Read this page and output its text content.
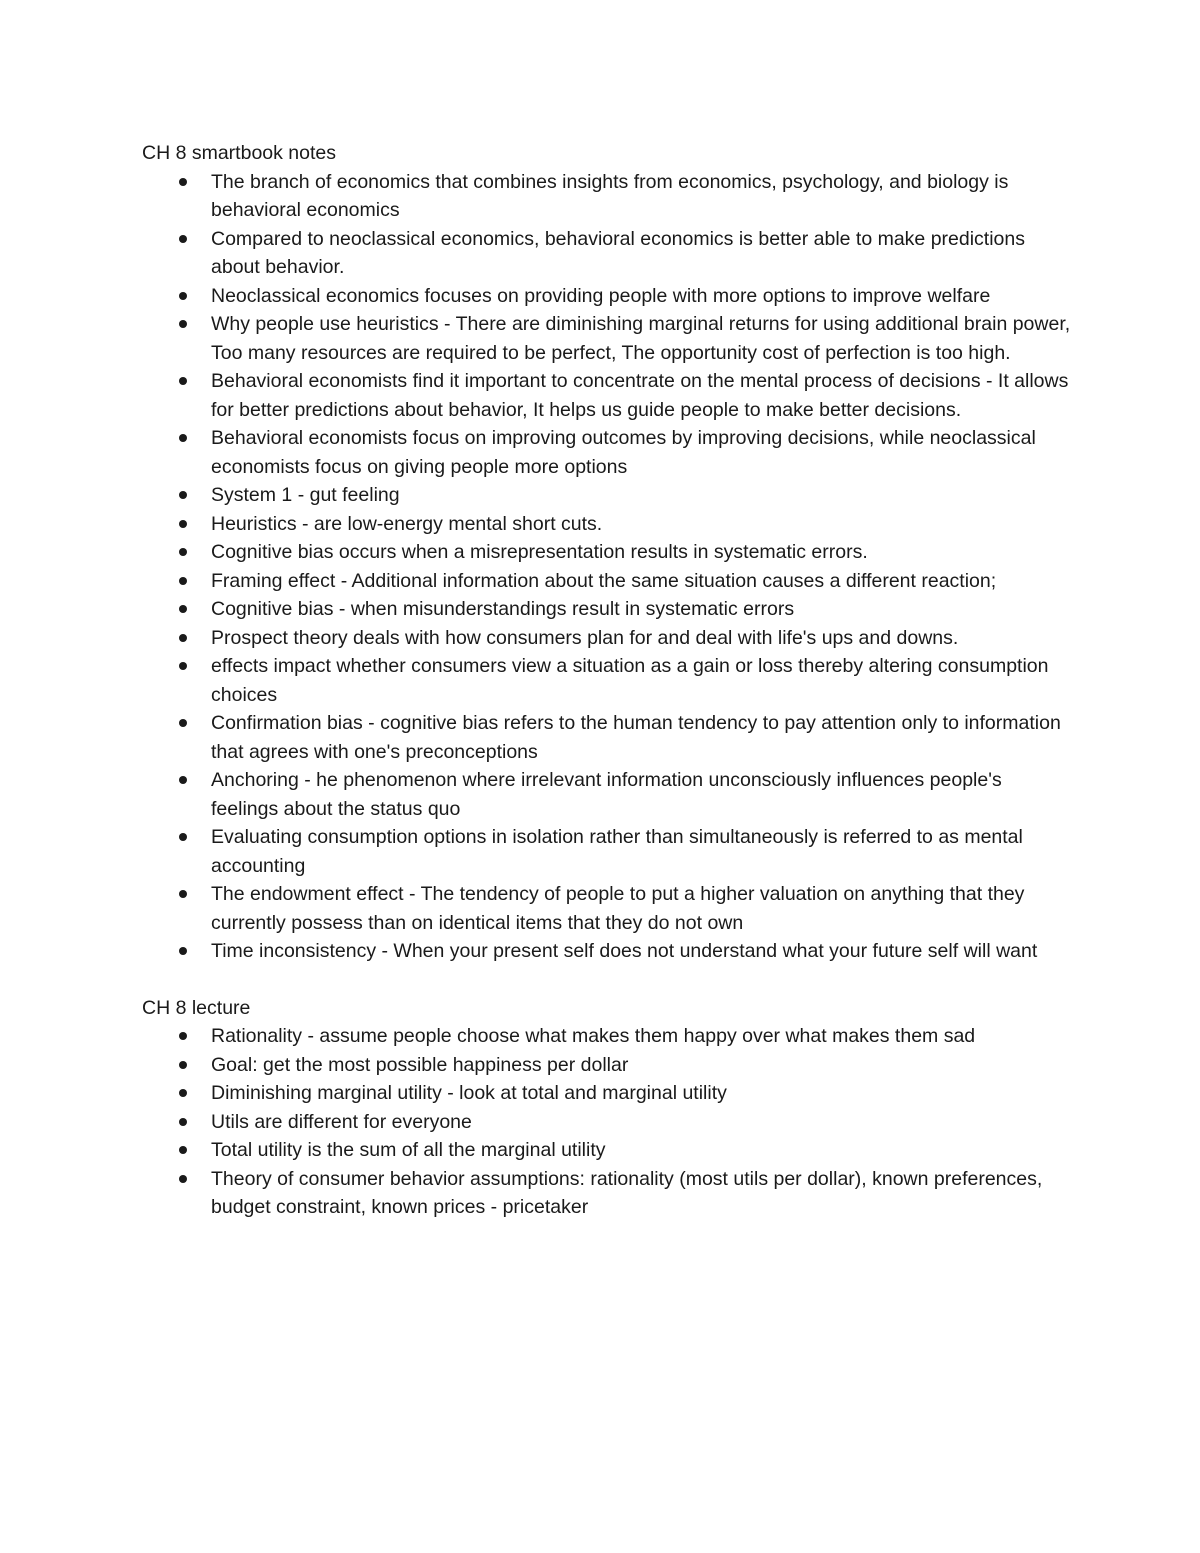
CH 8 smartbook notes

The branch of economics that combines insights from economics, psychology, and biology is behavioral economics
Compared to neoclassical economics, behavioral economics is better able to make predictions about behavior.
Neoclassical economics focuses on providing people with more options to improve welfare
Why people use heuristics - There are diminishing marginal returns for using additional brain power, Too many resources are required to be perfect, The opportunity cost of perfection is too high.
Behavioral economists find it important to concentrate on the mental process of decisions - It allows for better predictions about behavior, It helps us guide people to make better decisions.
Behavioral economists focus on improving outcomes by improving decisions, while neoclassical economists focus on giving people more options
System 1 - gut feeling
Heuristics - are low-energy mental short cuts.
Cognitive bias occurs when a misrepresentation results in systematic errors.
Framing effect - Additional information about the same situation causes a different reaction;
Cognitive bias - when misunderstandings result in systematic errors
Prospect theory deals with how consumers plan for and deal with life's ups and downs.
effects impact whether consumers view a situation as a gain or loss thereby altering consumption choices
Confirmation bias - cognitive bias refers to the human tendency to pay attention only to information that agrees with one's preconceptions
Anchoring - he phenomenon where irrelevant information unconsciously influences people's feelings about the status quo
Evaluating consumption options in isolation rather than simultaneously is referred to as mental accounting
The endowment effect - The tendency of people to put a higher valuation on anything that they currently possess than on identical items that they do not own
Time inconsistency - When your present self does not understand what your future self will want

CH 8 lecture

Rationality - assume people choose what makes them happy over what makes them sad
Goal: get the most possible happiness per dollar
Diminishing marginal utility - look at total and marginal utility
Utils are different for everyone
Total utility is the sum of all the marginal utility
Theory of consumer behavior assumptions: rationality (most utils per dollar), known preferences, budget constraint, known prices - pricetaker
